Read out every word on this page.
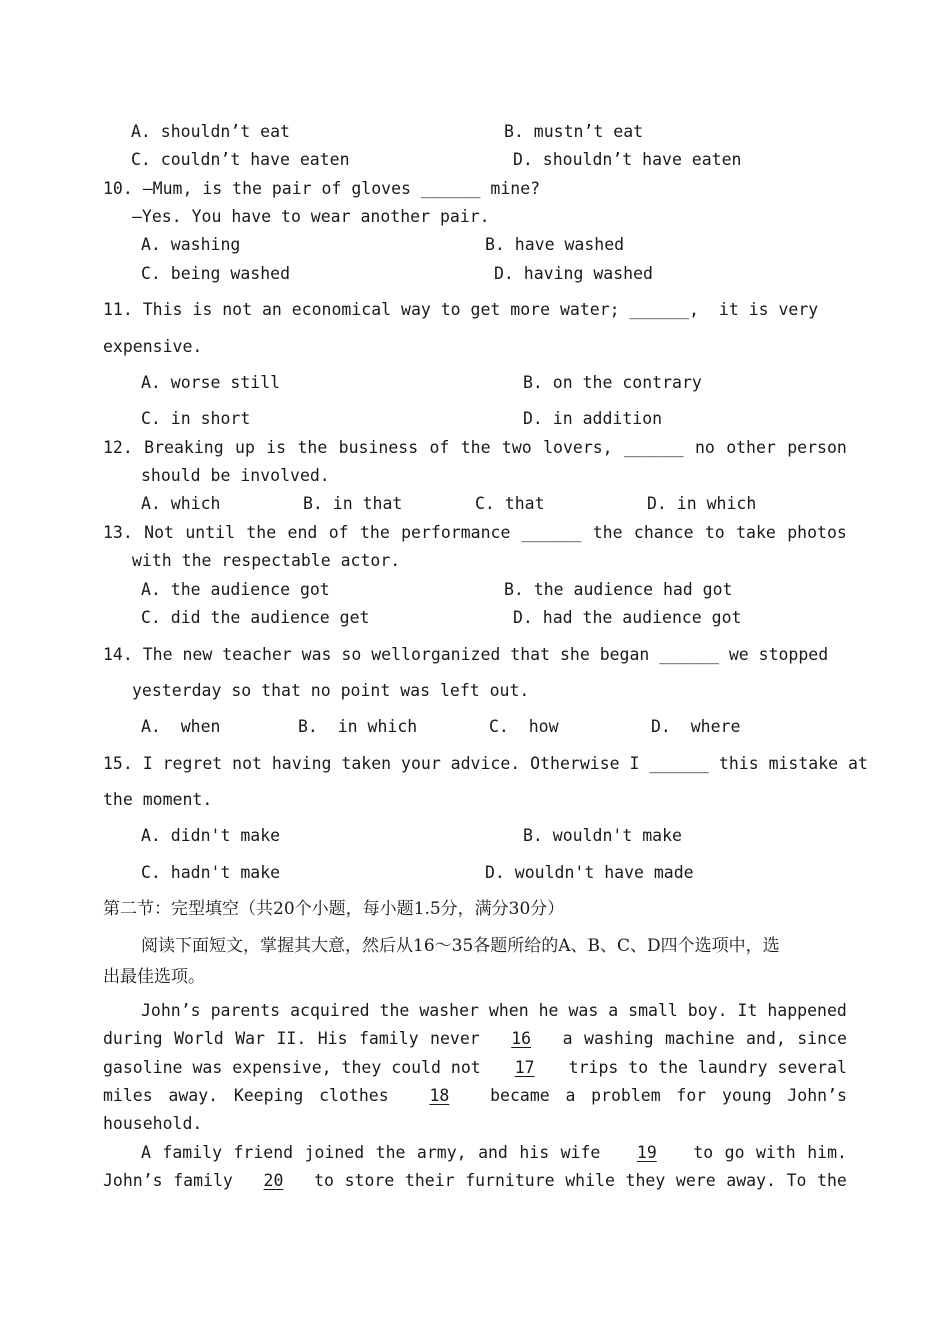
A. shouldn’t eat	B. mustn’t eat
C. couldn’t have eaten	D. shouldn’t have eaten
10. —Mum, is the pair of gloves ______ mine?
—Yes. You have to wear another pair.
A. washing	B. have washed
C. being washed	D. having washed
11. This is not an economical way to get more water; ______,  it is very
expensive.
A. worse still	B. on the contrary
C. in short	D. in addition
12. Breaking up is the business of the two lovers, ______ no other person
should be involved.
A. which	B. in that	C. that	D. in which
13. Not until the end of the performance ______ the chance to take photos
with the respectable actor.
A. the audience got	B. the audience had got
C. did the audience get	D. had the audience got
14. The new teacher was so wellorganized that she began ______ we stopped
yesterday so that no point was left out.
A.  when	B.  in which	C.  how	D.  where
15. I regret not having taken your advice. Otherwise I ______ this mistake at
the moment.
A. didn't make	B. wouldn't make
C. hadn't make	D. wouldn't have made
第二节：完型填空（共20个小题，每小题1.5分，满分30分）
阅读下面短文，掌握其大意，然后从16～35各题所给的A、B、C、D四个选项中，选
出最佳选项。
John’s parents acquired the washer when he was a small boy. It happened
during World War II. His family never	16	a washing machine and, since
gasoline was expensive, they could not	17	trips to the laundry several
miles away. Keeping clothes	18	became a problem for young John’s
household.
A family friend joined the army, and his wife	19	to go with him.
John’s family	20	to store their furniture while they were away. To the
